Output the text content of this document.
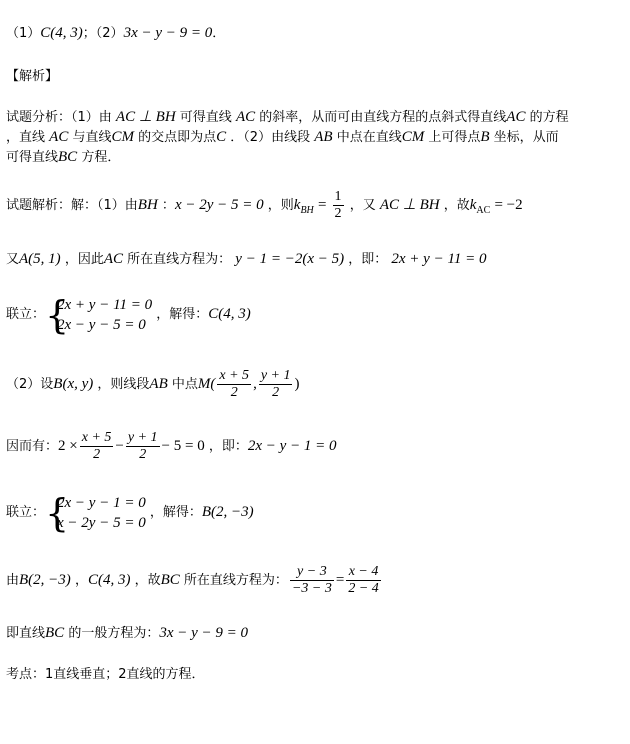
（1）C(4, 3)；（2）3x − y − 9 = 0．
【解析】
试题分析：（1）由 AC ⊥ BH 可得直线 AC 的斜率，从而可由直线方程的点斜式得直线AC 的方程
，直线 AC 与直线CM 的交点即为点C ．（2）由线段 AB 中点在直线CM 上可得点B 坐标，从而
可得直线BC 方程．
试题解析：解：（1）由BH ：x − 2y − 5 = 0 ，则$k_{BH} = \frac{1}{2}$ ，又 AC ⊥ BH ，故$k_{AC} = -2$
又A(5, 1) ，因此AC 所在直线方程为： y − 1 = −2(x − 5) ，即： 2x + y − 11 = 0
联立： {
2x + y − 11 = 0
2x − y − 5 = 0
，解得：C(4, 3)
（2）设B(x, y) ，则线段AB 中点$M( \frac{x + 5}{2}$ , $\frac{y + 1}{2}$ )
因而有：$2 \times \frac{x + 5}{2} - \frac{y + 1}{2} - 5 = 0$ ，即：2x − y − 1 = 0
联立： {
2x − y − 1 = 0
x − 2y − 5 = 0
，解得：B(2, −3)
由B(2, −3) ，C(4, 3) ，故BC 所在直线方程为： $\frac{y - 3}{-3 - 3} = \frac{x - 4}{2 - 4}$
即直线BC 的一般方程为：3x − y − 9 = 0
考点：1直线垂直；2直线的方程．
